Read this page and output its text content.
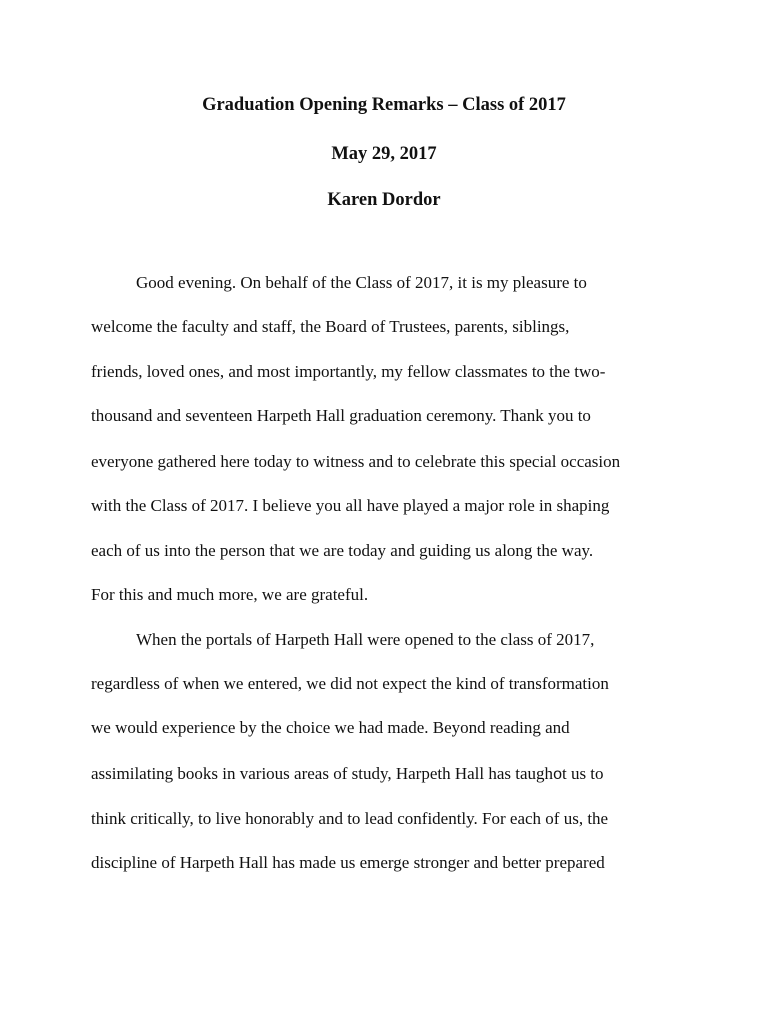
Graduation Opening Remarks – Class of 2017
May 29, 2017
Karen Dordor
Good evening. On behalf of the Class of 2017, it is my pleasure to
welcome the faculty and staff, the Board of Trustees, parents, siblings,
friends, loved ones, and most importantly, my fellow classmates to the two-
thousand and seventeen Harpeth Hall graduation ceremony. Thank you to
everyone gathered here today to witness and to celebrate this special occasion
with the Class of 2017. I believe you all have played a major role in shaping
each of us into the person that we are today and guiding us along the way.
For this and much more, we are grateful.
When the portals of Harpeth Hall were opened to the class of 2017,
regardless of when we entered, we did not expect the kind of transformation
we would experience by the choice we had made. Beyond reading and
assimilating books in various areas of study, Harpeth Hall has taughot us to
think critically, to live honorably and to lead confidently. For each of us, the
discipline of Harpeth Hall has made us emerge stronger and better prepared
